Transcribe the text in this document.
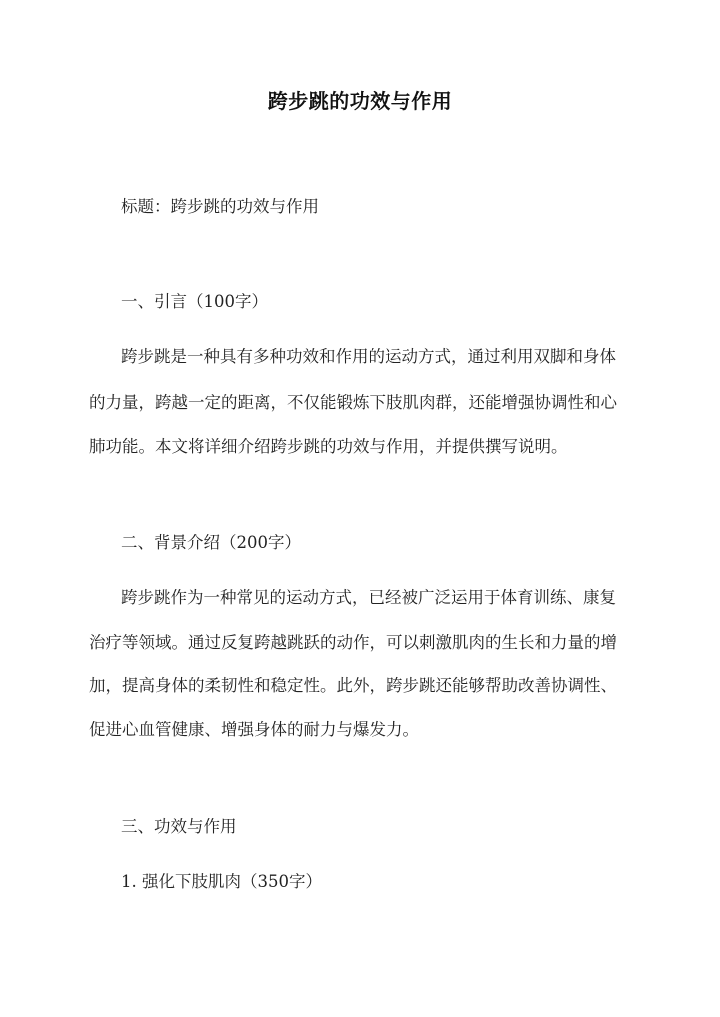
跨步跳的功效与作用
标题：跨步跳的功效与作用
一、引言（100字）
跨步跳是一种具有多种功效和作用的运动方式，通过利用双脚和身体
的力量，跨越一定的距离，不仅能锻炼下肢肌肉群，还能增强协调性和心
肺功能。本文将详细介绍跨步跳的功效与作用，并提供撰写说明。
二、背景介绍（200字）
跨步跳作为一种常见的运动方式，已经被广泛运用于体育训练、康复
治疗等领域。通过反复跨越跳跃的动作，可以刺激肌肉的生长和力量的增
加，提高身体的柔韧性和稳定性。此外，跨步跳还能够帮助改善协调性、
促进心血管健康、增强身体的耐力与爆发力。
三、功效与作用
1. 强化下肢肌肉（350字）
